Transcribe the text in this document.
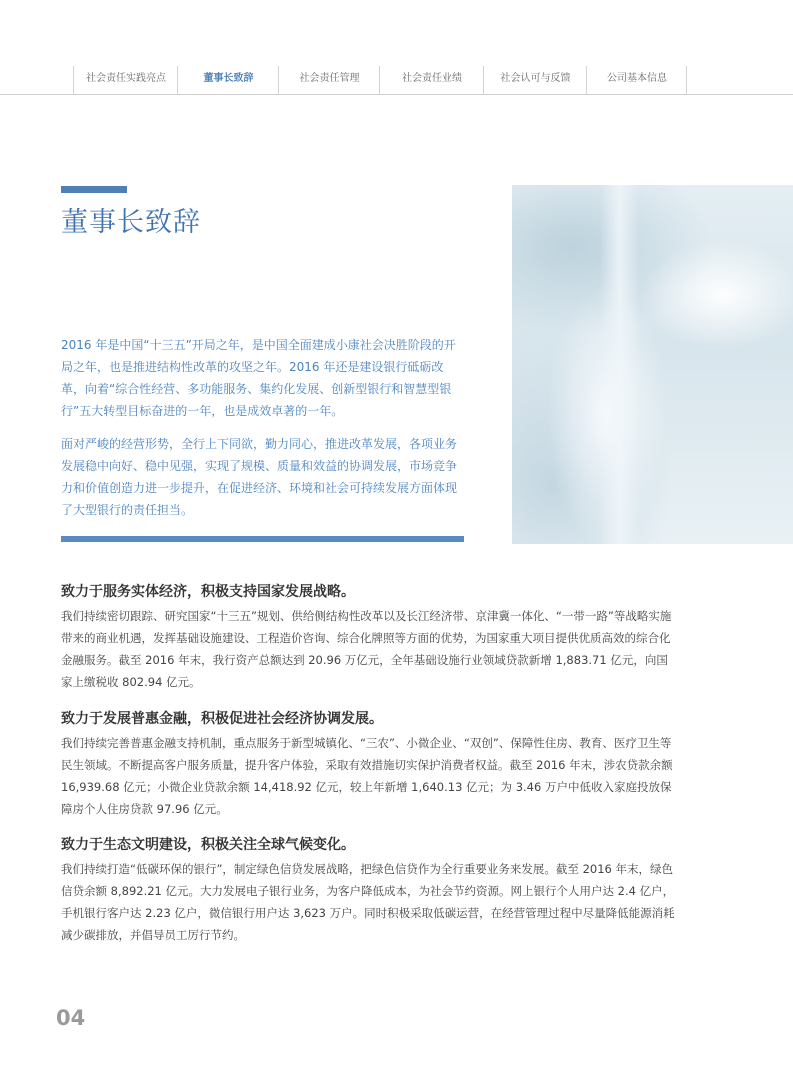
社会责任实践亮点	董事长致辞	社会责任管理	社会责任业绩	社会认可与反馈	公司基本信息
董事长致辞

2016 年是中国“十三五”开局之年，是中国全面建成小康社会决胜阶段的开局之年，也是推进结构性改革的攻坚之年。2016 年还是建设银行砥砺改革，向着“综合性经营、多功能服务、集约化发展、创新型银行和智慧型银行”五大转型目标奋进的一年，也是成效卓著的一年。

面对严峻的经营形势，全行上下同欲，勤力同心，推进改革发展，各项业务发展稳中向好、稳中见强，实现了规模、质量和效益的协调发展，市场竞争力和价值创造力进一步提升，在促进经济、环境和社会可持续发展方面体现了大型银行的责任担当。

致力于服务实体经济，积极支持国家发展战略。

我们持续密切跟踪、研究国家“十三五”规划、供给侧结构性改革以及长江经济带、京津冀一体化、“一带一路”等战略实施带来的商业机遇，发挥基础设施建设、工程造价咨询、综合化牌照等方面的优势，为国家重大项目提供优质高效的综合化金融服务。截至 2016 年末，我行资产总额达到 20.96 万亿元，全年基础设施行业领域贷款新增 1,883.71 亿元，向国家上缴税收 802.94 亿元。

致力于发展普惠金融，积极促进社会经济协调发展。

我们持续完善普惠金融支持机制，重点服务于新型城镇化、“三农”、小微企业、“双创”、保障性住房、教育、医疗卫生等民生领域。不断提高客户服务质量，提升客户体验，采取有效措施切实保护消费者权益。截至 2016 年末，涉农贷款余额 16,939.68 亿元；小微企业贷款余额 14,418.92 亿元，较上年新增 1,640.13 亿元；为 3.46 万户中低收入家庭投放保障房个人住房贷款 97.96 亿元。

致力于生态文明建设，积极关注全球气候变化。

我们持续打造“低碳环保的银行”，制定绿色信贷发展战略，把绿色信贷作为全行重要业务来发展。截至 2016 年末，绿色信贷余额 8,892.21 亿元。大力发展电子银行业务，为客户降低成本，为社会节约资源。网上银行个人用户达 2.4 亿户，手机银行客户达 2.23 亿户，微信银行用户达 3,623 万户。同时积极采取低碳运营，在经营管理过程中尽量降低能源消耗减少碳排放，并倡导员工厉行节约。

04
